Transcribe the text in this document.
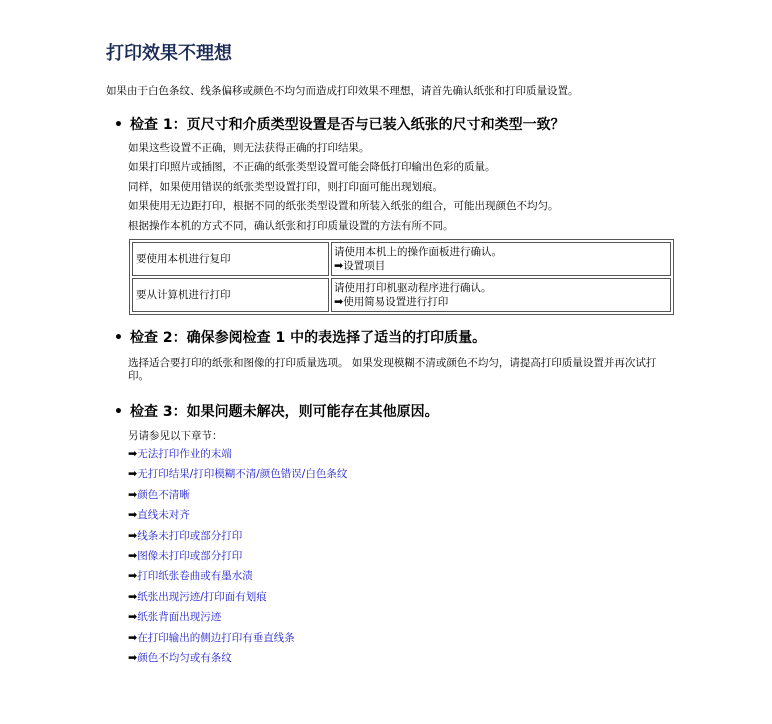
打印效果不理想

如果由于白色条纹、线条偏移或颜色不均匀而造成打印效果不理想，请首先确认纸张和打印质量设置。

• 检查 1：页尺寸和介质类型设置是否与已装入纸张的尺寸和类型一致？

如果这些设置不正确，则无法获得正确的打印结果。

如果打印照片或插图，不正确的纸张类型设置可能会降低打印输出色彩的质量。

同样，如果使用错误的纸张类型设置打印，则打印面可能出现划痕。

如果使用无边距打印，根据不同的纸张类型设置和所装入纸张的组合，可能出现颜色不均匀。

根据操作本机的方式不同，确认纸张和打印质量设置的方法有所不同。

要使用本机进行复印	请使用本机上的操作面板进行确认。
➡设置项目

要从计算机进行打印	请使用打印机驱动程序进行确认。
➡使用简易设置进行打印

• 检查 2：确保参阅检查 1 中的表选择了适当的打印质量。

选择适合要打印的纸张和图像的打印质量选项。 如果发现模糊不清或颜色不均匀，请提高打印质量设置并再次试打印。

• 检查 3：如果问题未解决，则可能存在其他原因。

另请参见以下章节：

➡无法打印作业的末端
➡无打印结果/打印模糊不清/颜色错误/白色条纹
➡颜色不清晰
➡直线未对齐
➡线条未打印或部分打印
➡图像未打印或部分打印
➡打印纸张卷曲或有墨水渍
➡纸张出现污迹/打印面有划痕
➡纸张背面出现污迹
➡在打印输出的侧边打印有垂直线条
➡颜色不均匀或有条纹
